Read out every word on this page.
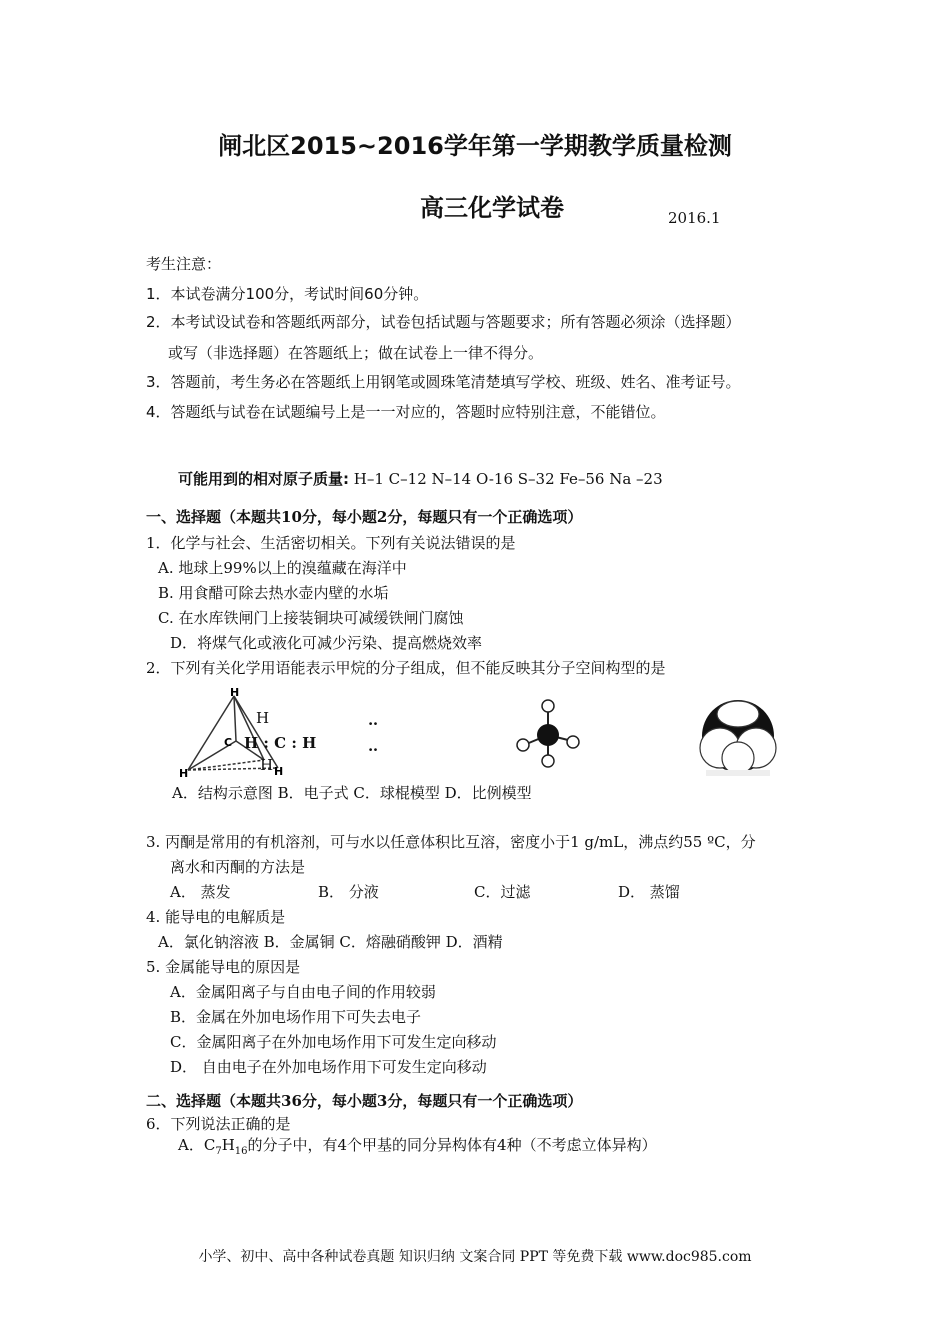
闸北区2015~2016学年第一学期教学质量检测
高三化学试卷	2016.1
考生注意：
1．本试卷满分100分，考试时间60分钟。
2．本考试设试卷和答题纸两部分，试卷包括试题与答题要求；所有答题必须涂（选择题）
或写（非选择题）在答题纸上；做在试卷上一律不得分。
3．答题前，考生务必在答题纸上用钢笔或圆珠笔清楚填写学校、班级、姓名、准考证号。
4．答题纸与试卷在试题编号上是一一对应的，答题时应特别注意，不能错位。
可能用到的相对原子质量: H–1 C–12 N–14 O-16 S–32 Fe–56 Na –23
一、选择题（本题共10分，每小题2分，每题只有一个正确选项）
1．化学与社会、生活密切相关。下列有关说法错误的是
A. 地球上99%以上的溴蕴藏在海洋中
B. 用食醋可除去热水壶内壁的水垢
C. 在水库铁闸门上接装铜块可减缓铁闸门腐蚀
D．将煤气化或液化可减少污染、提高燃烧效率
2．下列有关化学用语能表示甲烷的分子组成，但不能反映其分子空间构型的是
H
C
H	H
H
H : C : H
H
‥
‥
A．结构示意图 B．电子式 C．球棍模型 D．比例模型
3. 丙酮是常用的有机溶剂，可与水以任意体积比互溶，密度小于1 g/mL，沸点约55 ºC，分
离水和丙酮的方法是
A． 蒸发	B． 分液	C．过滤	D． 蒸馏
4. 能导电的电解质是
A．氯化钠溶液 B．金属铜 C．熔融硝酸钾 D．酒精
5. 金属能导电的原因是
A．金属阳离子与自由电子间的作用较弱
B．金属在外加电场作用下可失去电子
C．金属阳离子在外加电场作用下可发生定向移动
D． 自由电子在外加电场作用下可发生定向移动
二、选择题（本题共36分，每小题3分，每题只有一个正确选项）
6．下列说法正确的是
A．$C_7H_{16}$的分子中，有4个甲基的同分异构体有4种（不考虑立体异构）
小学、初中、高中各种试卷真题 知识归纳 文案合同 PPT 等免费下载 www.doc985.com
